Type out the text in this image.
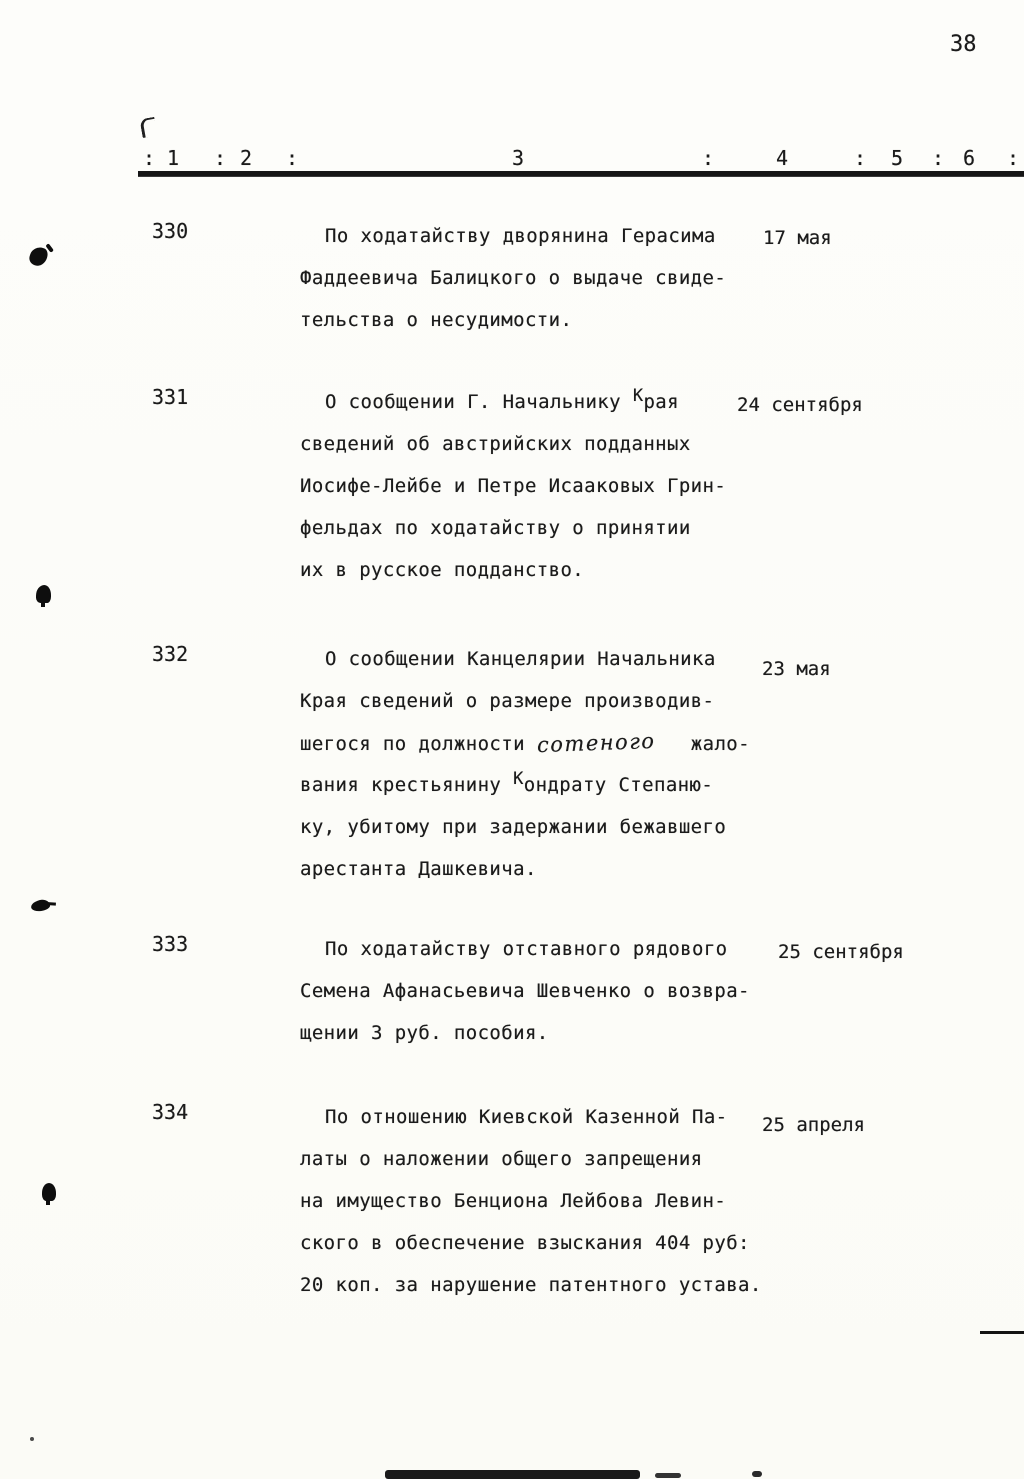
38
: 1 : 2 :	3	:	4	: 5 : 6 :
330	По ходатайству дворянина Герасима
Фаддеевича Балицкого о выдаче свиде-
тельства о несудимости.
17 мая
331	О сообщении Г. Начальнику Края
сведений об австрийских подданных
Иосифе-Лейбе и Петре Исааковых Грин-
фельдах по ходатайству о принятии
их в русское подданство.
24 сентября
332	О сообщении Канцелярии Начальника
Края сведений о размере производив-
шегося по должности сотеного   жало-
вания крестьянину Кондрату Степаню-
ку, убитому при задержании бежавшего
арестанта Дашкевича.
23 мая
333	По ходатайству отставного рядового
Семена Афанасьевича Шевченко о возвра-
щении 3 руб. пособия.
25 сентября
334	По отношению Киевской Казенной Па-
латы о наложении общего запрещения
на имущество Бенциона Лейбова Левин-
ского в обеспечение взыскания 404 руб:
20 коп. за нарушение патентного устава.
25 апреля
